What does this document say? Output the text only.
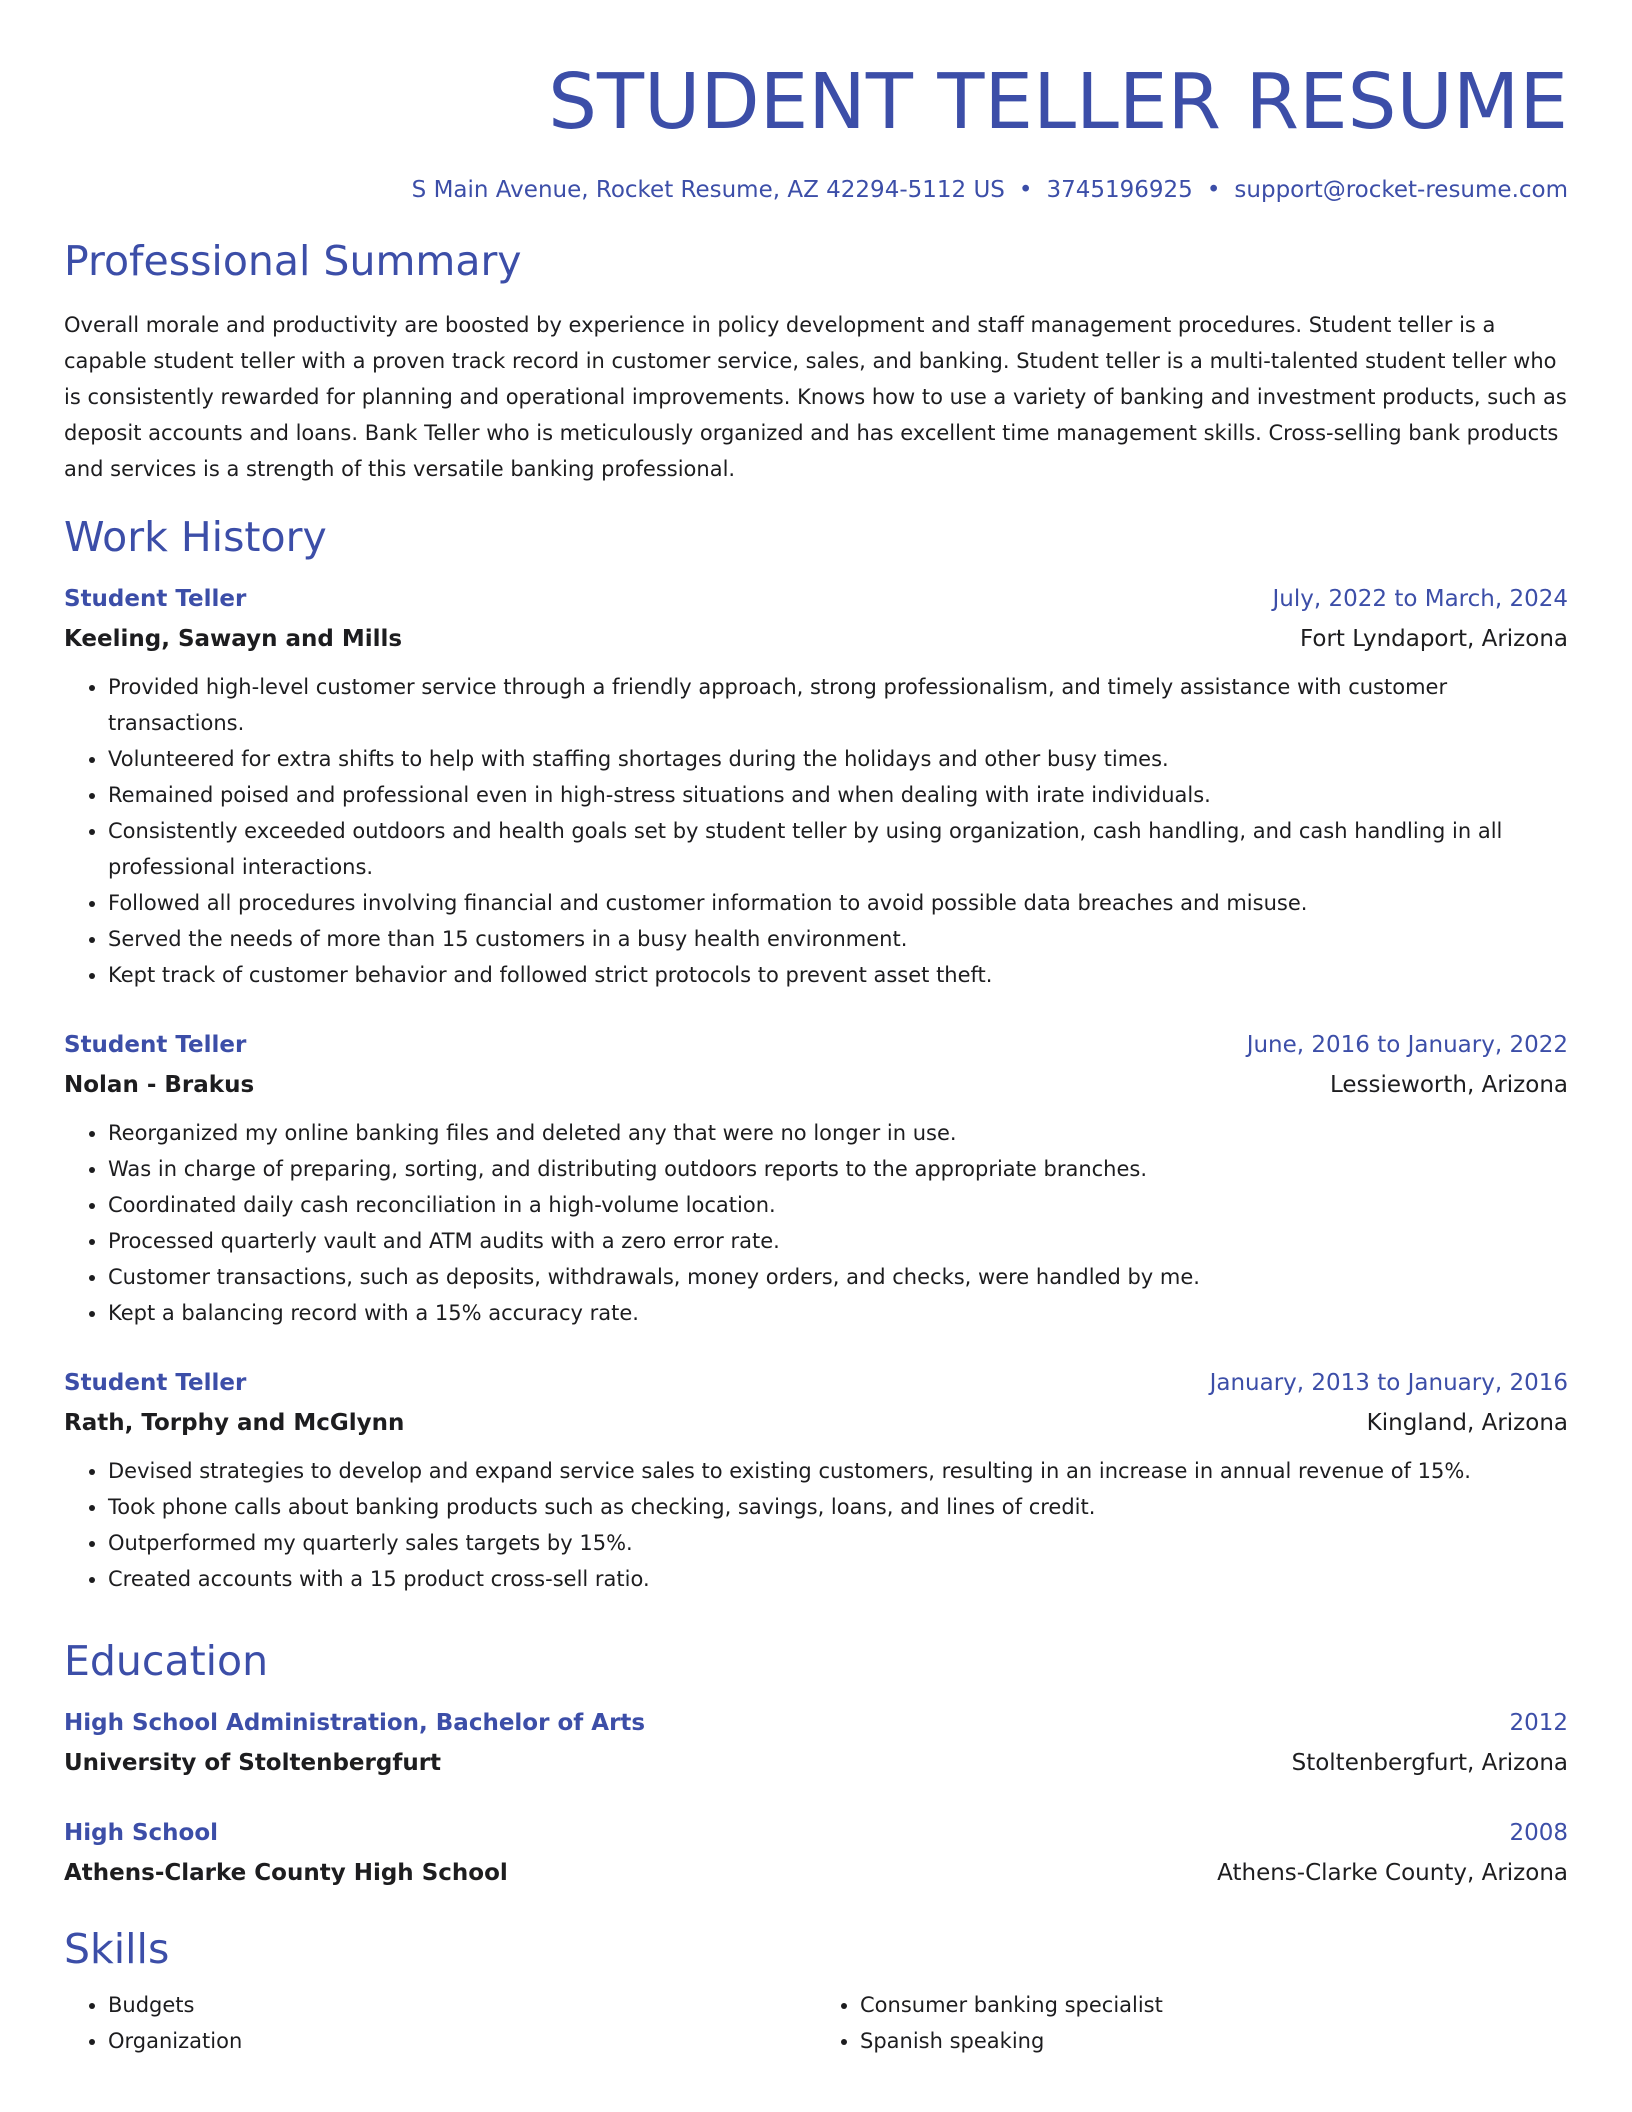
STUDENT TELLER RESUME
S Main Avenue, Rocket Resume, AZ 42294-5112 US • 3745196925 • support@rocket-resume.com
Professional Summary
Overall morale and productivity are boosted by experience in policy development and staff management procedures. Student teller is a capable student teller with a proven track record in customer service, sales, and banking. Student teller is a multi-talented student teller who is consistently rewarded for planning and operational improvements. Knows how to use a variety of banking and investment products, such as deposit accounts and loans. Bank Teller who is meticulously organized and has excellent time management skills. Cross-selling bank products and services is a strength of this versatile banking professional.
Work History
Student Teller	July, 2022 to March, 2024
Keeling, Sawayn and Mills	Fort Lyndaport, Arizona
• Provided high-level customer service through a friendly approach, strong professionalism, and timely assistance with customer transactions.
• Volunteered for extra shifts to help with staffing shortages during the holidays and other busy times.
• Remained poised and professional even in high-stress situations and when dealing with irate individuals.
• Consistently exceeded outdoors and health goals set by student teller by using organization, cash handling, and cash handling in all professional interactions.
• Followed all procedures involving financial and customer information to avoid possible data breaches and misuse.
• Served the needs of more than 15 customers in a busy health environment.
• Kept track of customer behavior and followed strict protocols to prevent asset theft.
Student Teller	June, 2016 to January, 2022
Nolan - Brakus	Lessieworth, Arizona
• Reorganized my online banking files and deleted any that were no longer in use.
• Was in charge of preparing, sorting, and distributing outdoors reports to the appropriate branches.
• Coordinated daily cash reconciliation in a high-volume location.
• Processed quarterly vault and ATM audits with a zero error rate.
• Customer transactions, such as deposits, withdrawals, money orders, and checks, were handled by me.
• Kept a balancing record with a 15% accuracy rate.
Student Teller	January, 2013 to January, 2016
Rath, Torphy and McGlynn	Kingland, Arizona
• Devised strategies to develop and expand service sales to existing customers, resulting in an increase in annual revenue of 15%.
• Took phone calls about banking products such as checking, savings, loans, and lines of credit.
• Outperformed my quarterly sales targets by 15%.
• Created accounts with a 15 product cross-sell ratio.
Education
High School Administration, Bachelor of Arts	2012
University of Stoltenbergfurt	Stoltenbergfurt, Arizona
High School	2008
Athens-Clarke County High School	Athens-Clarke County, Arizona
Skills
• Budgets
• Organization
• Consumer banking specialist
• Spanish speaking
